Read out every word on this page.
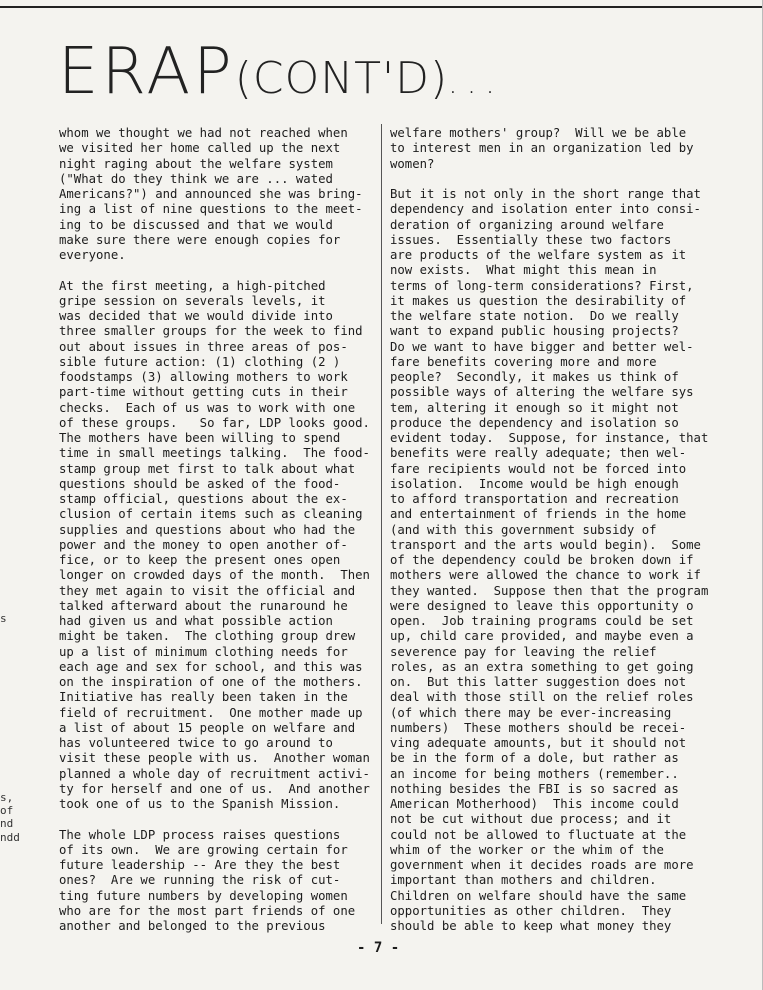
ERAP(CONT'D)...

whom we thought we had not reached when
we visited her home called up the next
night raging about the welfare system
("What do they think we are ... wated
Americans?") and announced she was bring-
ing a list of nine questions to the meet-
ing to be discussed and that we would
make sure there were enough copies for
everyone.

At the first meeting, a high-pitched
gripe session on severals levels, it
was decided that we would divide into
three smaller groups for the week to find
out about issues in three areas of pos-
sible future action: (1) clothing (2 )
foodstamps (3) allowing mothers to work
part-time without getting cuts in their
checks.  Each of us was to work with one
of these groups.   So far, LDP looks good.
The mothers have been willing to spend
time in small meetings talking.  The food-
stamp group met first to talk about what
questions should be asked of the food-
stamp official, questions about the ex-
clusion of certain items such as cleaning
supplies and questions about who had the
power and the money to open another of-
fice, or to keep the present ones open
longer on crowded days of the month.  Then
they met again to visit the official and
talked afterward about the runaround he
had given us and what possible action
might be taken.  The clothing group drew
up a list of minimum clothing needs for
each age and sex for school, and this was
on the inspiration of one of the mothers.
Initiative has really been taken in the
field of recruitment.  One mother made up
a list of about 15 people on welfare and
has volunteered twice to go around to
visit these people with us.  Another woman
planned a whole day of recruitment activi-
ty for herself and one of us.  And another
took one of us to the Spanish Mission.

The whole LDP process raises questions
of its own.  We are growing certain for
future leadership -- Are they the best
ones?  Are we running the risk of cut-
ting future numbers by developing women
who are for the most part friends of one
another and belonged to the previous

welfare mothers' group?  Will we be able
to interest men in an organization led by
women?

But it is not only in the short range that
dependency and isolation enter into consi-
deration of organizing around welfare
issues.  Essentially these two factors
are products of the welfare system as it
now exists.  What might this mean in
terms of long-term considerations? First,
it makes us question the desirability of
the welfare state notion.  Do we really
want to expand public housing projects?
Do we want to have bigger and better wel-
fare benefits covering more and more
people?  Secondly, it makes us think of
possible ways of altering the welfare sys
tem, altering it enough so it might not
produce the dependency and isolation so
evident today.  Suppose, for instance, that
benefits were really adequate; then wel-
fare recipients would not be forced into
isolation.  Income would be high enough
to afford transportation and recreation
and entertainment of friends in the home
(and with this government subsidy of
transport and the arts would begin).  Some
of the dependency could be broken down if
mothers were allowed the chance to work if
they wanted.  Suppose then that the program
were designed to leave this opportunity o
open.  Job training programs could be set
up, child care provided, and maybe even a
severence pay for leaving the relief
roles, as an extra something to get going
on.  But this latter suggestion does not
deal with those still on the relief roles
(of which there may be ever-increasing
numbers)  These mothers should be recei-
ving adequate amounts, but it should not
be in the form of a dole, but rather as
an income for being mothers (remember..
nothing besides the FBI is so sacred as
American Motherhood)  This income could
not be cut without due process; and it
could not be allowed to fluctuate at the
whim of the worker or the whim of the
government when it decides roads are more
important than mothers and children.
Children on welfare should have the same
opportunities as other children.  They
should be able to keep what money they

- 7 -
s
s,
of
nd
ndd
